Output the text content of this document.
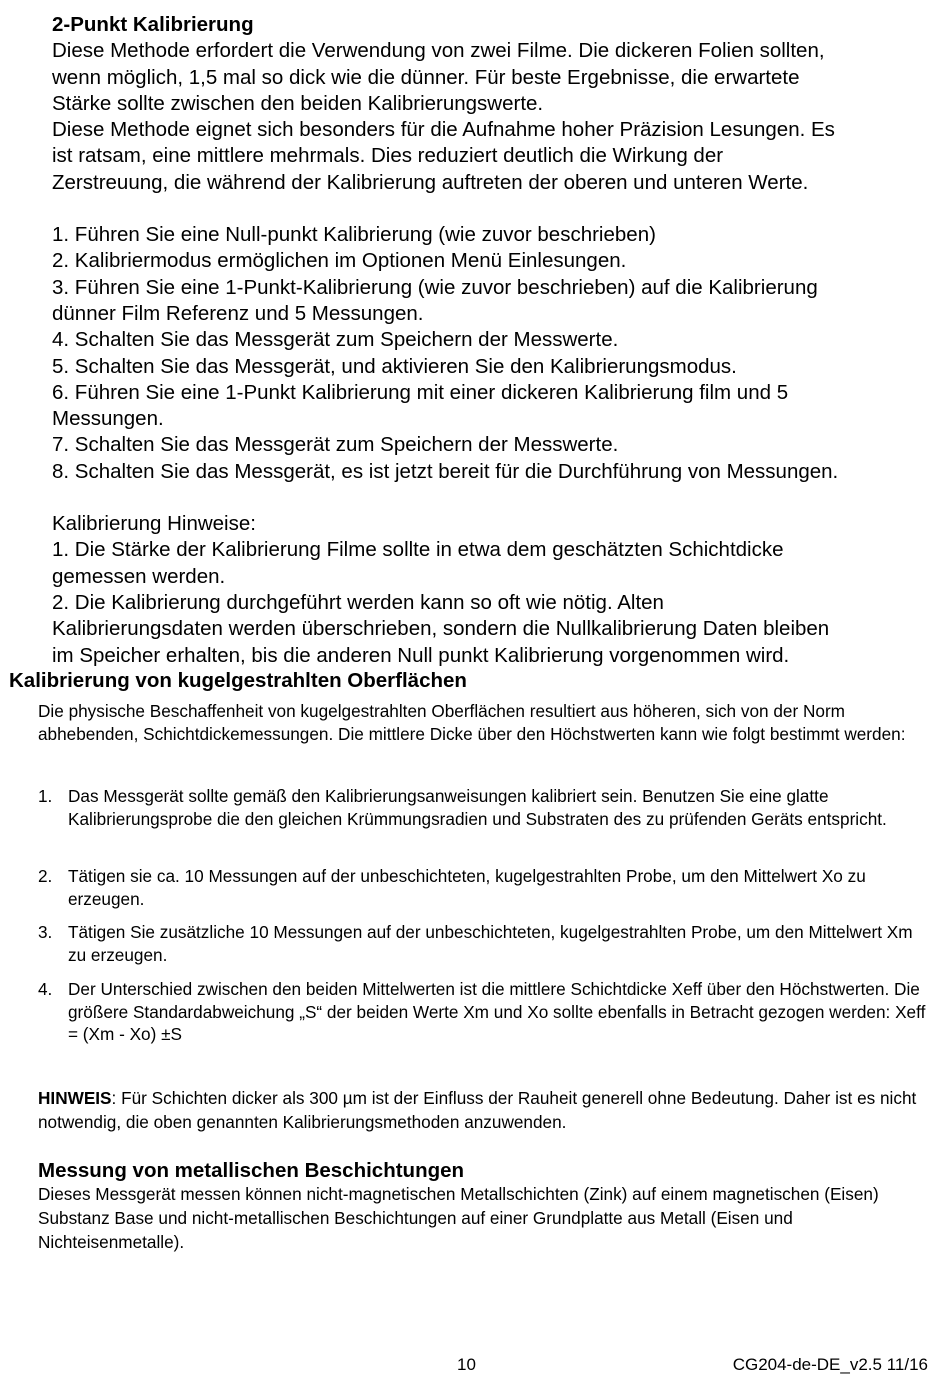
2-Punkt Kalibrierung

Diese Methode erfordert die Verwendung von zwei Filme. Die dickeren Folien sollten,

wenn möglich, 1,5 mal so dick wie die dünner. Für beste Ergebnisse, die erwartete

Stärke sollte zwischen den beiden Kalibrierungswerte.

Diese Methode eignet sich besonders für die Aufnahme hoher Präzision Lesungen. Es

ist ratsam, eine mittlere mehrmals. Dies reduziert deutlich die Wirkung der

Zerstreuung, die während der Kalibrierung auftreten der oberen und unteren Werte.

1. Führen Sie eine Null-punkt Kalibrierung (wie zuvor beschrieben)

2. Kalibriermodus ermöglichen im Optionen Menü Einlesungen.

3. Führen Sie eine 1-Punkt-Kalibrierung (wie zuvor beschrieben) auf die Kalibrierung

dünner Film Referenz und 5 Messungen.

4. Schalten Sie das Messgerät zum Speichern der Messwerte.

5. Schalten Sie das Messgerät, und aktivieren Sie den Kalibrierungsmodus.

6. Führen Sie eine 1-Punkt Kalibrierung mit einer dickeren Kalibrierung film und 5

Messungen.

7. Schalten Sie das Messgerät zum Speichern der Messwerte.

8. Schalten Sie das Messgerät, es ist jetzt bereit für die Durchführung von Messungen.

Kalibrierung Hinweise:

1. Die Stärke der Kalibrierung Filme sollte in etwa dem geschätzten Schichtdicke

gemessen werden.

2. Die Kalibrierung durchgeführt werden kann so oft wie nötig. Alten

Kalibrierungsdaten werden überschrieben, sondern die Nullkalibrierung Daten bleiben

im Speicher erhalten, bis die anderen Null punkt Kalibrierung vorgenommen wird.

Kalibrierung von kugelgestrahlten Oberflächen

Die physische Beschaffenheit von kugelgestrahlten Oberflächen resultiert aus höheren, sich von der Norm abhebenden, Schichtdickemessungen. Die mittlere Dicke über den Höchstwerten kann wie folgt bestimmt werden:

1. Das Messgerät sollte gemäß den Kalibrierungsanweisungen kalibriert sein. Benutzen Sie eine glatte Kalibrierungsprobe die den gleichen Krümmungsradien und Substraten des zu prüfenden Geräts entspricht.
2. Tätigen sie ca. 10 Messungen auf der unbeschichteten, kugelgestrahlten Probe, um den Mittelwert Xo zu erzeugen.
3. Tätigen Sie zusätzliche 10 Messungen auf der unbeschichteten, kugelgestrahlten Probe, um den Mittelwert Xm zu erzeugen.
4. Der Unterschied zwischen den beiden Mittelwerten ist die mittlere Schichtdicke Xeff über den Höchstwerten. Die größere Standardabweichung „S“ der beiden Werte Xm und Xo sollte ebenfalls in Betracht gezogen werden: Xeff = (Xm - Xo) ±S

HINWEIS: Für Schichten dicker als 300 µm ist der Einfluss der Rauheit generell ohne Bedeutung. Daher ist es nicht notwendig, die oben genannten Kalibrierungsmethoden anzuwenden.

Messung von metallischen Beschichtungen

Dieses Messgerät messen können nicht-magnetischen Metallschichten (Zink) auf einem magnetischen (Eisen) Substanz Base und nicht-metallischen Beschichtungen auf einer Grundplatte aus Metall (Eisen und Nichteisenmetalle).

10	CG204-de-DE_v2.5 11/16
